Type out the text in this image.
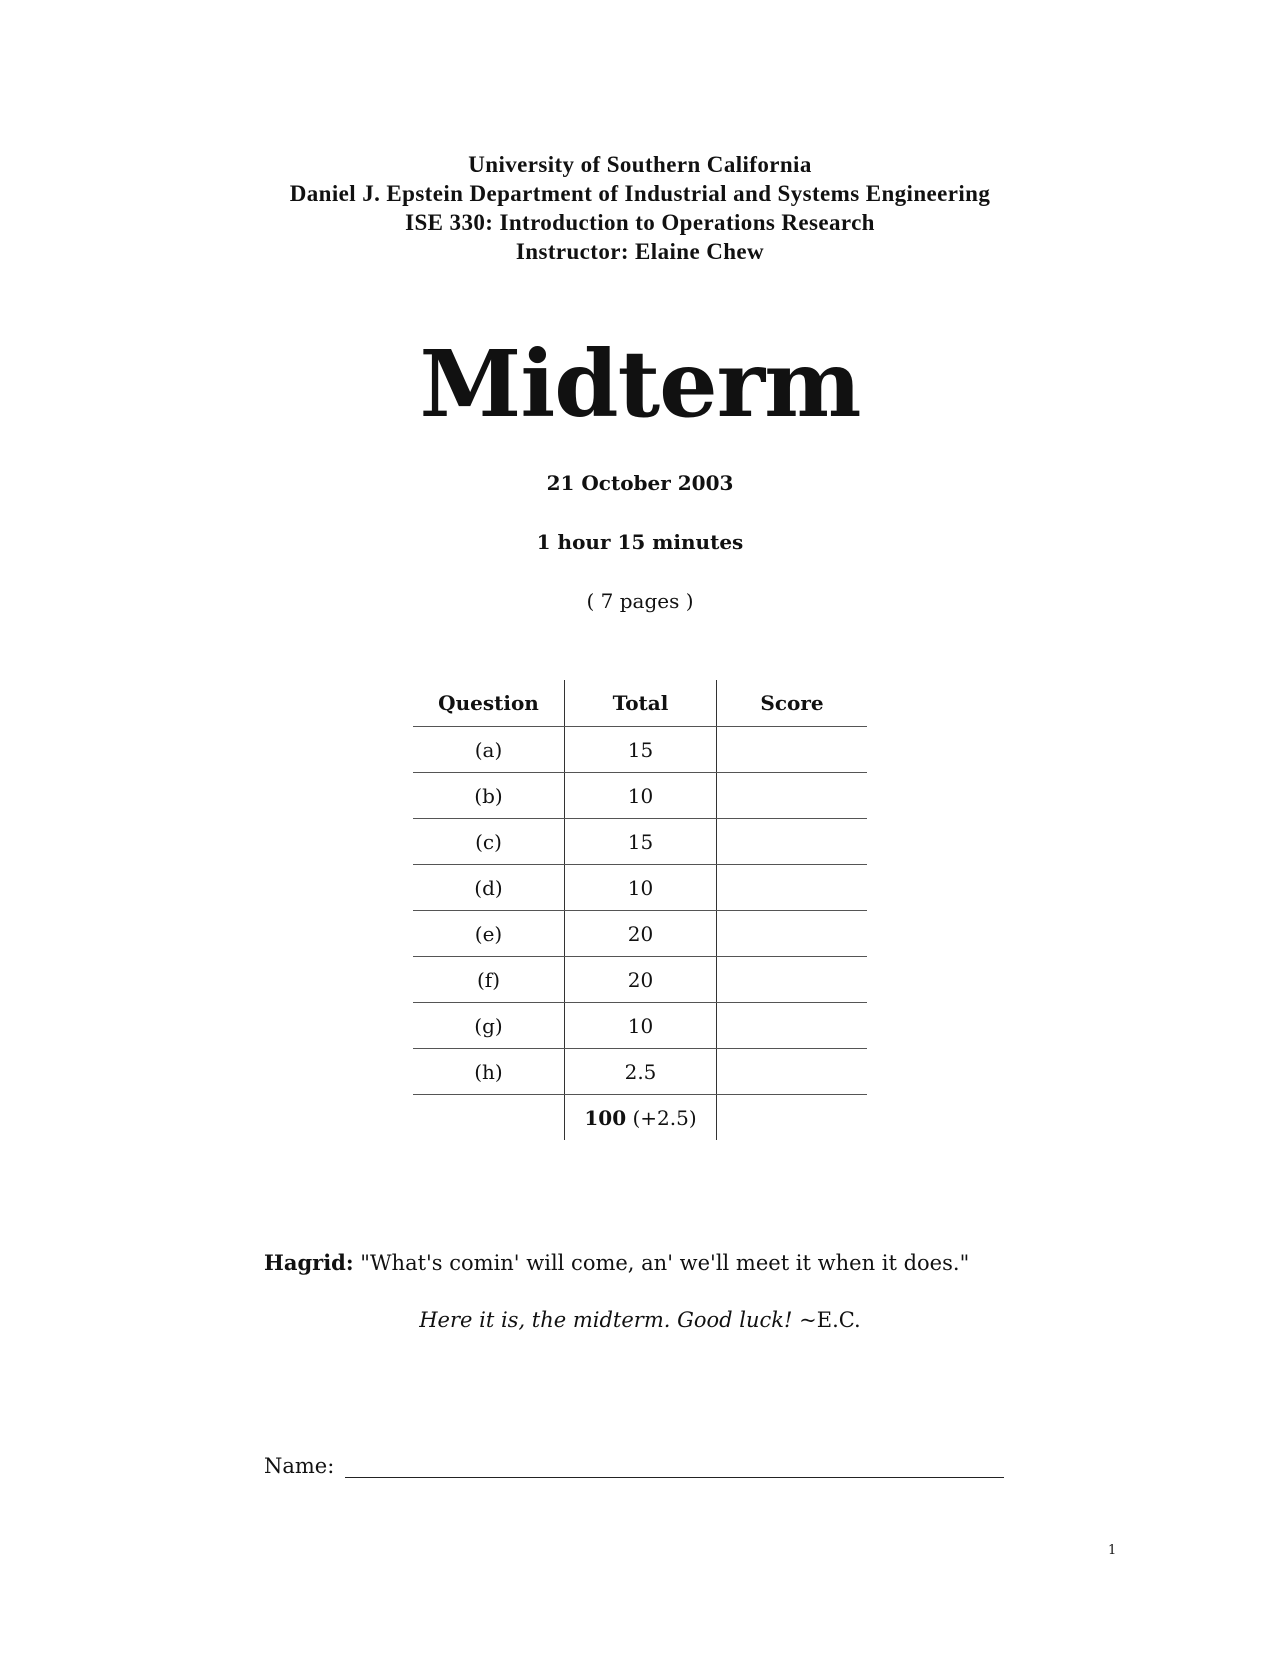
University of Southern California
Daniel J. Epstein Department of Industrial and Systems Engineering
ISE 330: Introduction to Operations Research
Instructor: Elaine Chew
Midterm
21 October 2003
1 hour 15 minutes
( 7 pages )
Question	Total	Score
(a)	15	
(b)	10	
(c)	15	
(d)	10	
(e)	20	
(f)	20	
(g)	10	
(h)	2.5	
	100 (+2.5)	
Hagrid: "What's comin' will come, an' we'll meet it when it does."
Here it is, the midterm. Good luck! ~E.C.
Name:
1
